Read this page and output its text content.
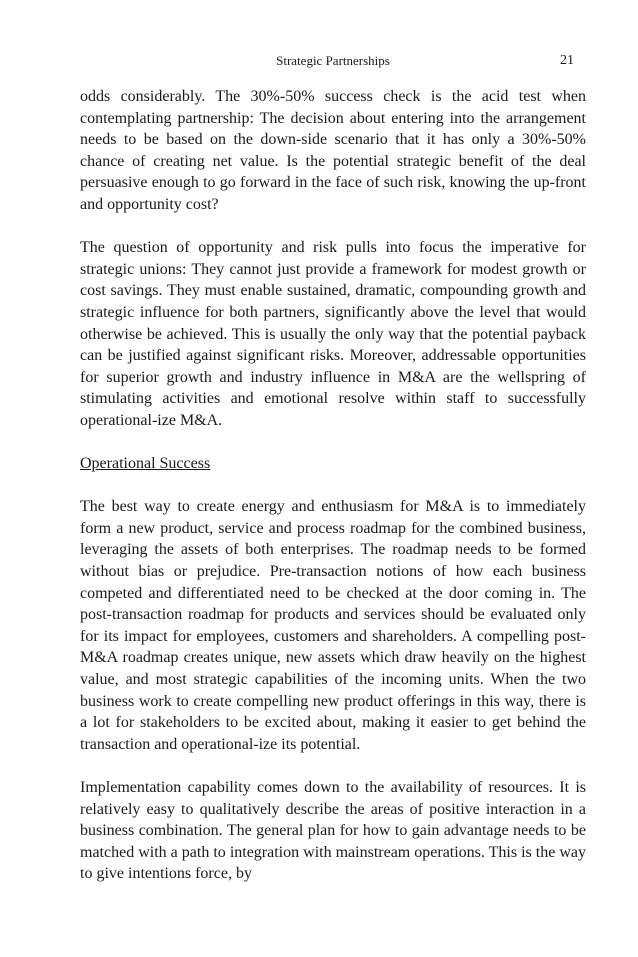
Strategic Partnerships	21

odds considerably. The 30%-50% success check is the acid test when contemplating partnership: The decision about entering into the arrangement needs to be based on the down-side scenario that it has only a 30%-50% chance of creating net value. Is the potential strategic benefit of the deal persuasive enough to go forward in the face of such risk, knowing the up-front and opportunity cost?

The question of opportunity and risk pulls into focus the imperative for strategic unions: They cannot just provide a framework for modest growth or cost savings. They must enable sustained, dramatic, compounding growth and strategic influence for both partners, significantly above the level that would otherwise be achieved. This is usually the only way that the potential payback can be justified against significant risks. Moreover, addressable opportunities for superior growth and industry influence in M&A are the wellspring of stimulating activities and emotional resolve within staff to successfully operational-ize M&A.

Operational Success

The best way to create energy and enthusiasm for M&A is to immediately form a new product, service and process roadmap for the combined business, leveraging the assets of both enterprises. The roadmap needs to be formed without bias or prejudice. Pre-transaction notions of how each business competed and differentiated need to be checked at the door coming in. The post-transaction roadmap for products and services should be evaluated only for its impact for employees, customers and shareholders. A compelling post-M&A roadmap creates unique, new assets which draw heavily on the highest value, and most strategic capabilities of the incoming units. When the two business work to create compelling new product offerings in this way, there is a lot for stakeholders to be excited about, making it easier to get behind the transaction and operational-ize its potential.

Implementation capability comes down to the availability of resources. It is relatively easy to qualitatively describe the areas of positive interaction in a business combination. The general plan for how to gain advantage needs to be matched with a path to integration with mainstream operations. This is the way to give intentions force, by
